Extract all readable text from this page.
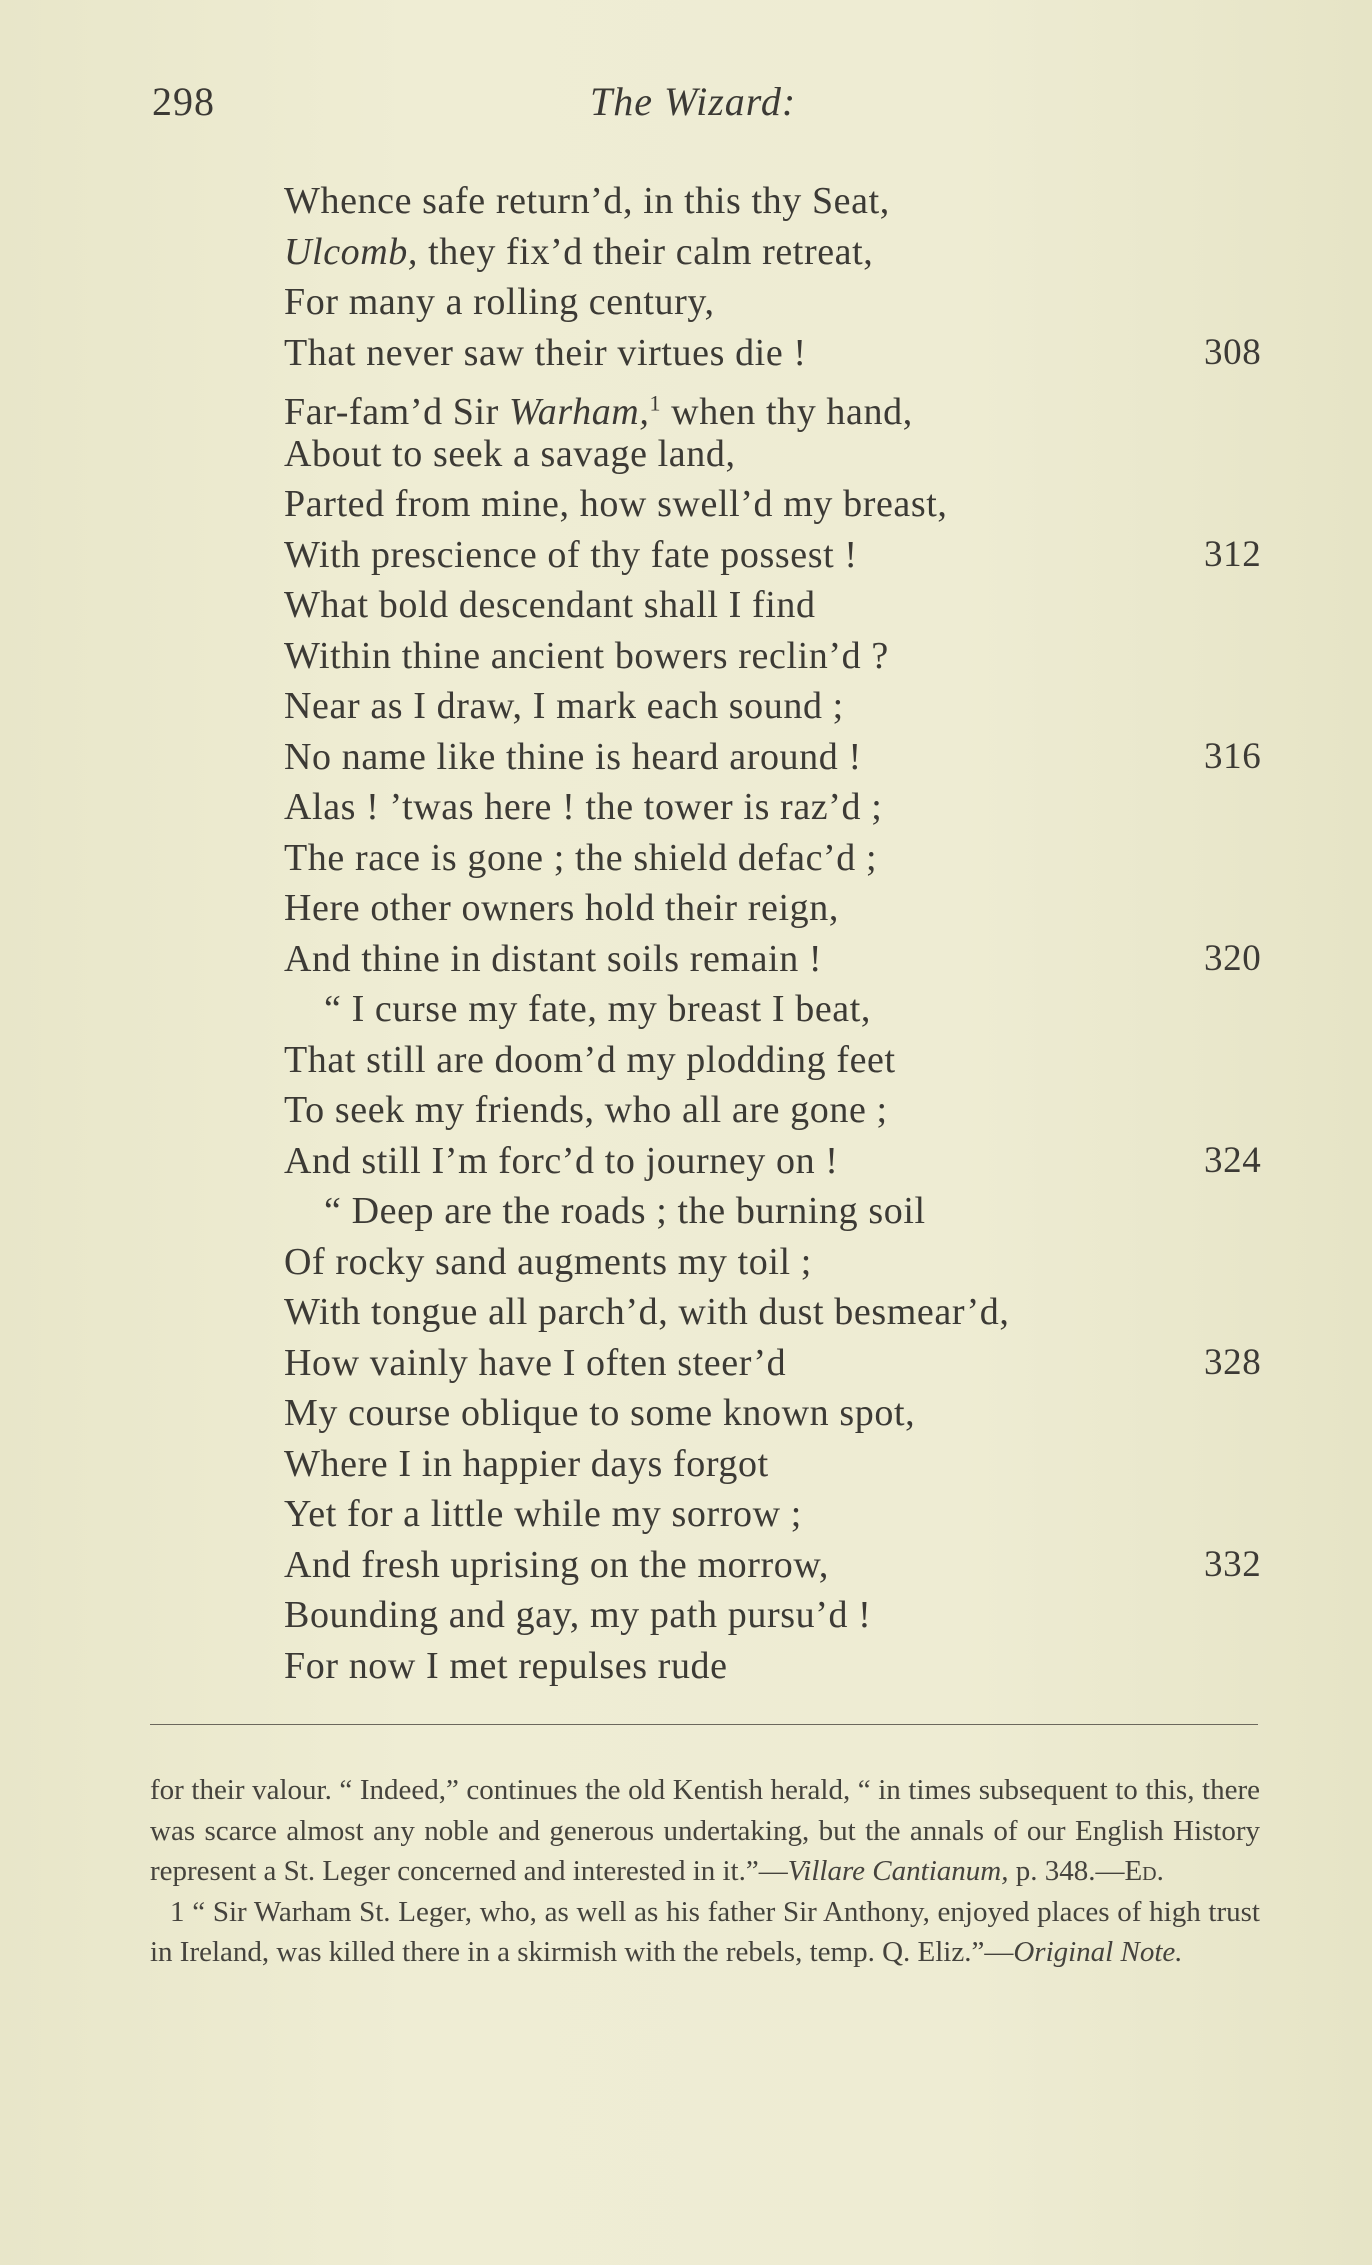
298	The Wizard:
Whence safe return’d, in this thy Seat,
Ulcomb, they fix’d their calm retreat,
For many a rolling century,
That never saw their virtues die !	308
Far-fam’d Sir Warham,$^1$ when thy hand,
About to seek a savage land,
Parted from mine, how swell’d my breast,
With prescience of thy fate possest !	312
What bold descendant shall I find
Within thine ancient bowers reclin’d ?
Near as I draw, I mark each sound ;
No name like thine is heard around !	316
Alas ! ’twas here ! the tower is raz’d ;
The race is gone ; the shield defac’d ;
Here other owners hold their reign,
And thine in distant soils remain !	320
“ I curse my fate, my breast I beat,
That still are doom’d my plodding feet
To seek my friends, who all are gone ;
And still I’m forc’d to journey on !	324
“ Deep are the roads ; the burning soil
Of rocky sand augments my toil ;
With tongue all parch’d, with dust besmear’d,
How vainly have I often steer’d	328
My course oblique to some known spot,
Where I in happier days forgot
Yet for a little while my sorrow ;
And fresh uprising on the morrow,	332
Bounding and gay, my path pursu’d !
For now I met repulses rude

for their valour. “ Indeed,” continues the old Kentish herald, “ in times subsequent to this, there was scarce almost any noble and generous undertaking, but the annals of our English History represent a St. Leger concerned and interested in it.”—Villare Cantianum, p. 348.—Ed.

1 “ Sir Warham St. Leger, who, as well as his father Sir Anthony, enjoyed places of high trust in Ireland, was killed there in a skirmish with the rebels, temp. Q. Eliz.”—Original Note.
